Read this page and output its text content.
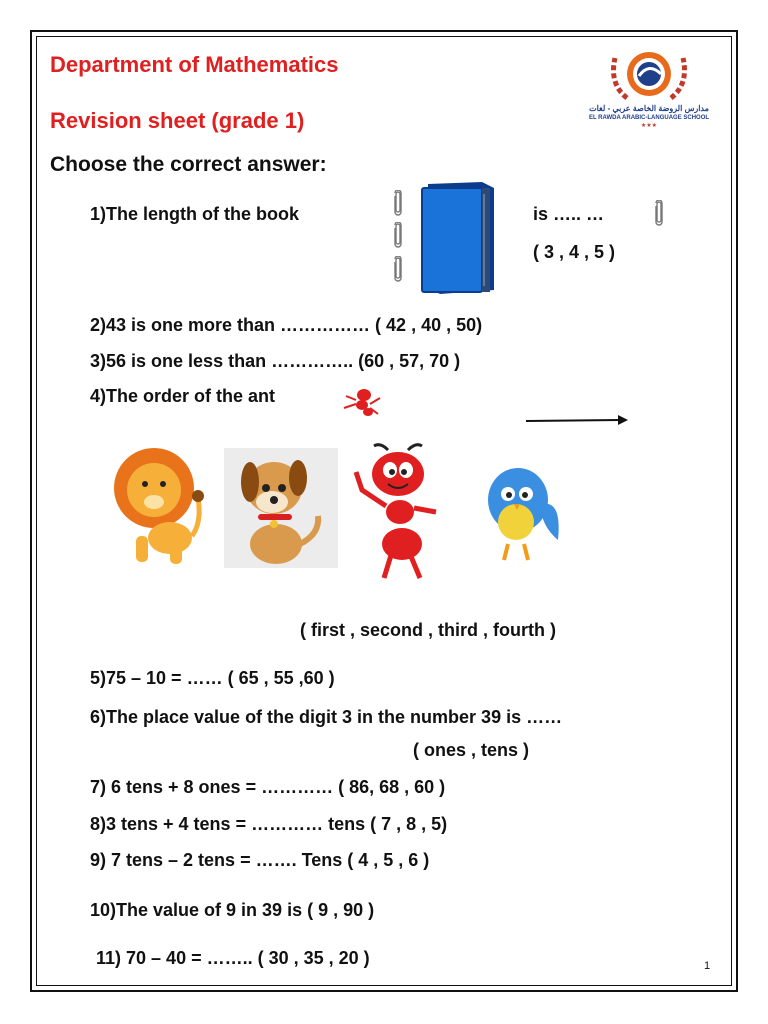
Department of Mathematics
Revision sheet (grade 1)
Choose the correct answer:
مدارس الروضة الخاصة عربي - لغات
EL RAWDA ARABIC-LANGUAGE SCHOOL
★★★
1)The length of the book	is ….. …
( 3 , 4 , 5 )
2)43 is one more than …………… ( 42 , 40 , 50)
3)56 is one less than ………….. (60 , 57, 70 )
4)The order of the ant
( first , second , third , fourth )
5)75 – 10 = …… ( 65 , 55 ,60 )
6)The place value of the digit 3 in the number 39 is ……
( ones , tens )
7) 6 tens + 8 ones = ………… ( 86, 68 , 60 )
8)3 tens + 4 tens = ………… tens ( 7 , 8 , 5)
9) 7 tens – 2 tens = ……. Tens ( 4 , 5 , 6 )
10)The value of 9 in 39 is ( 9 , 90 )
11) 70 – 40 = …….. ( 30 , 35 , 20 )	1
